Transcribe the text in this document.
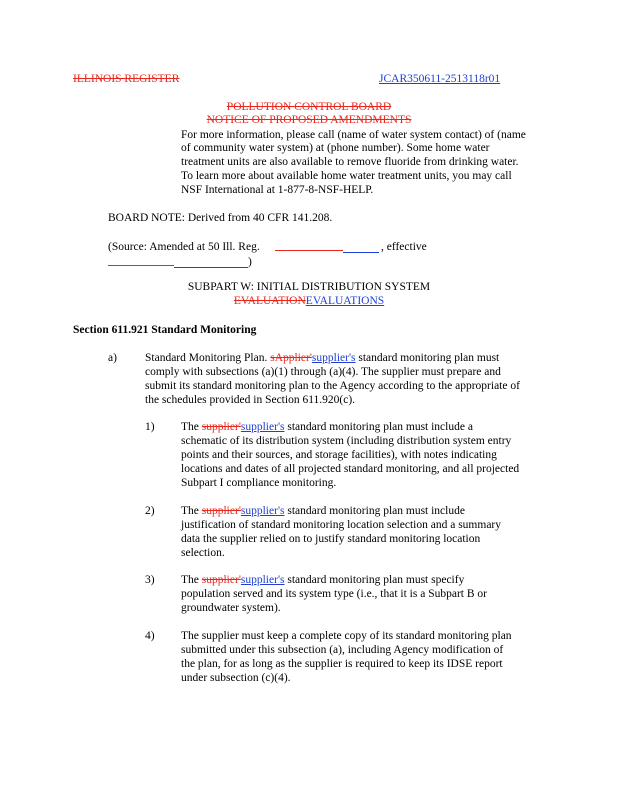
ILLINOIS REGISTER	JCAR350611-2513118r01
POLLUTION CONTROL BOARD
NOTICE OF PROPOSED AMENDMENTS
For more information, please call (name of water system contact) of (name
of community water system) at (phone number). Some home water
treatment units are also available to remove fluoride from drinking water.
To learn more about available home water treatment units, you may call
NSF International at 1-877-8-NSF-HELP.
BOARD NOTE: Derived from 40 CFR 141.208.
(Source: Amended at 50 Ill. Reg.	, effective
)
SUBPART W: INITIAL DISTRIBUTION SYSTEM
EVALUATIONEVALUATIONS
Section 611.921 Standard Monitoring
a) Standard Monitoring Plan. sApplier'supplier's standard monitoring plan must
comply with subsections (a)(1) through (a)(4). The supplier must prepare and
submit its standard monitoring plan to the Agency according to the appropriate of
the schedules provided in Section 611.920(c).
1) The supplier'supplier's standard monitoring plan must include a
schematic of its distribution system (including distribution system entry
points and their sources, and storage facilities), with notes indicating
locations and dates of all projected standard monitoring, and all projected
Subpart I compliance monitoring.
2) The supplier'supplier's standard monitoring plan must include
justification of standard monitoring location selection and a summary
data the supplier relied on to justify standard monitoring location
selection.
3) The supplier'supplier's standard monitoring plan must specify
population served and its system type (i.e., that it is a Subpart B or
groundwater system).
4) The supplier must keep a complete copy of its standard monitoring plan
submitted under this subsection (a), including Agency modification of
the plan, for as long as the supplier is required to keep its IDSE report
under subsection (c)(4).
